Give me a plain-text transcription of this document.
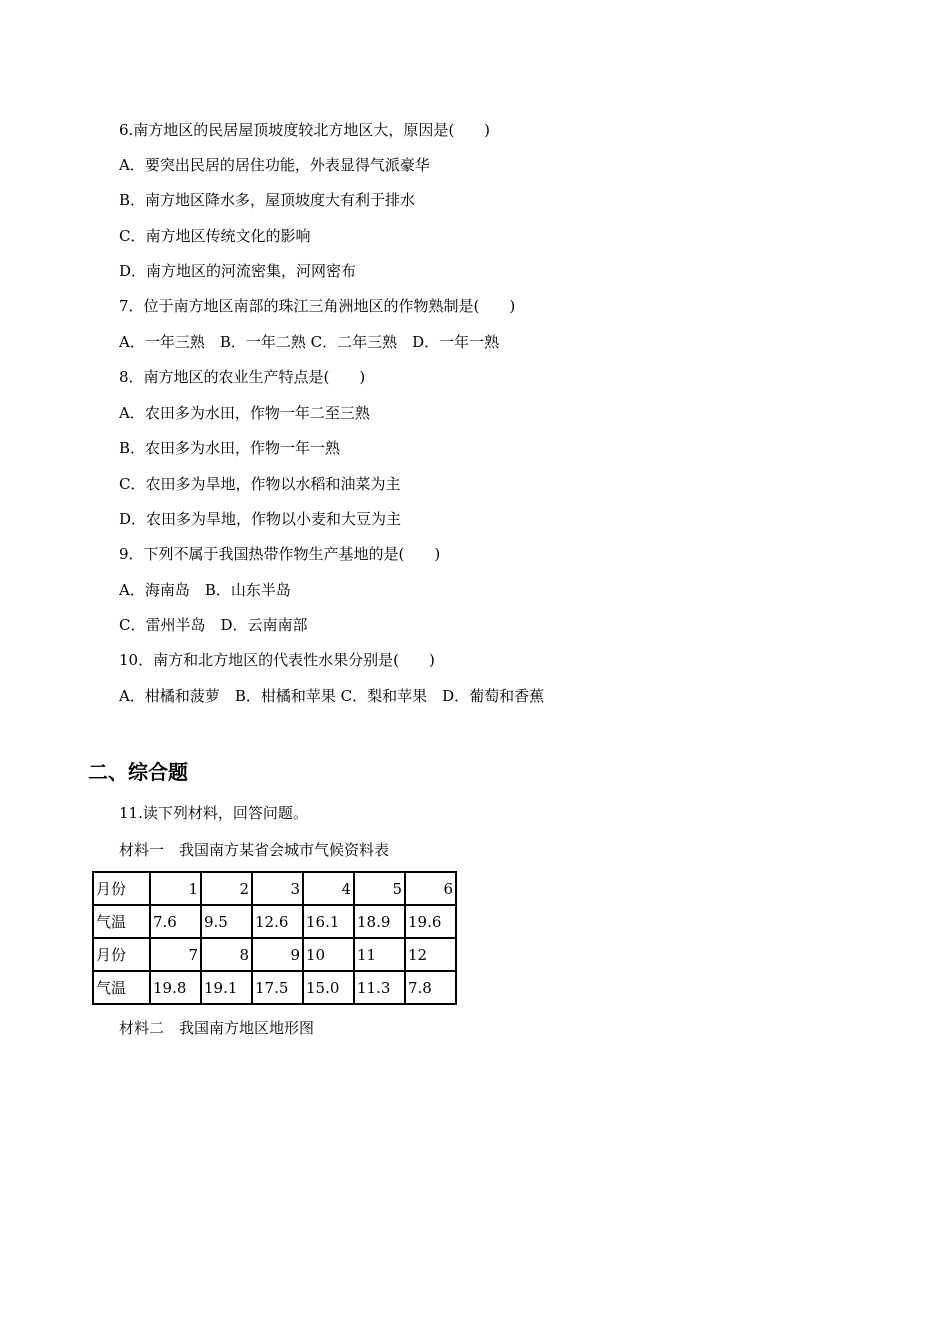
6.南方地区的民居屋顶坡度较北方地区大，原因是(　　)
A．要突出民居的居住功能，外表显得气派豪华
B．南方地区降水多，屋顶坡度大有利于排水
C．南方地区传统文化的影响
D．南方地区的河流密集，河网密布
7．位于南方地区南部的珠江三角洲地区的作物熟制是(　　)
A．一年三熟　B．一年二熟 C．二年三熟　D．一年一熟
8．南方地区的农业生产特点是(　　)
A．农田多为水田，作物一年二至三熟
B．农田多为水田，作物一年一熟
C．农田多为旱地，作物以水稻和油菜为主
D．农田多为旱地，作物以小麦和大豆为主
9．下列不属于我国热带作物生产基地的是(　　)
A．海南岛　B．山东半岛
C．雷州半岛　D．云南南部
10．南方和北方地区的代表性水果分别是(　　)
A．柑橘和菠萝　B．柑橘和苹果 C．梨和苹果　D．葡萄和香蕉
二、综合题
11.读下列材料，回答问题。
材料一　我国南方某省会城市气候资料表
月份	1	2	3	4	5	6
气温	7.6	9.5	12.6	16.1	18.9	19.6
月份	7	8	9	10	11	12
气温	19.8	19.1	17.5	15.0	11.3	7.8
材料二　我国南方地区地形图
